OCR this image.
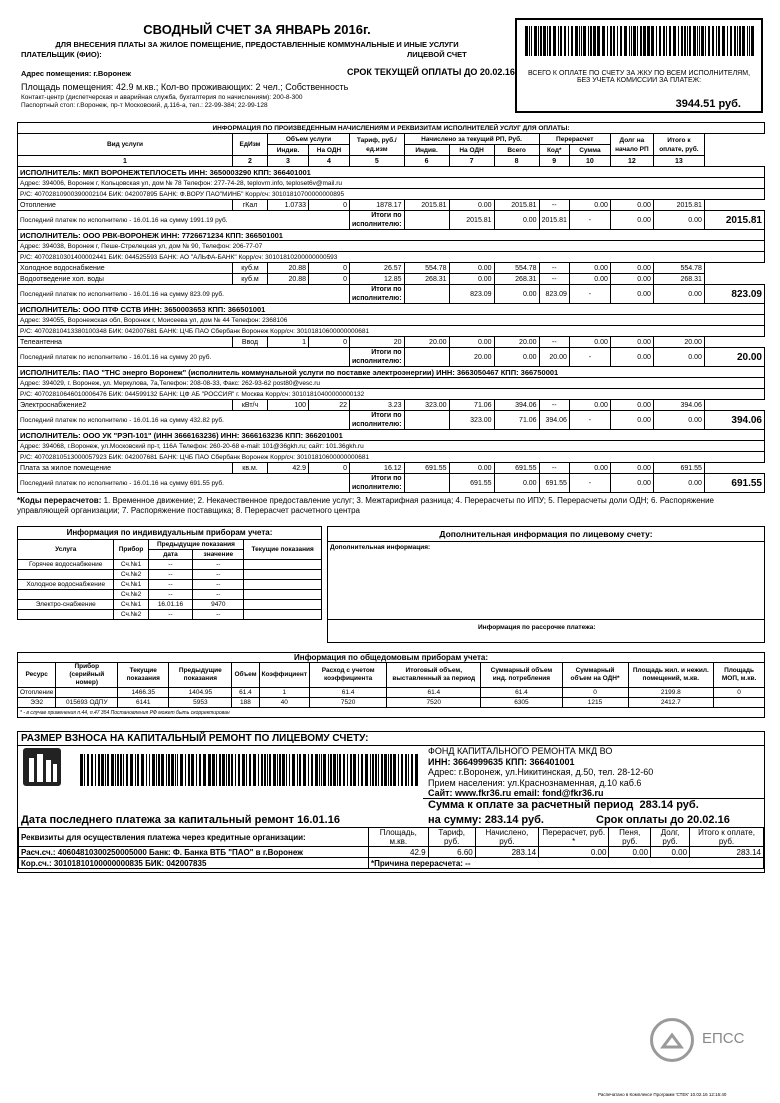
СВОДНЫЙ СЧЕТ ЗА ЯНВАРЬ 2016г.
ДЛЯ ВНЕСЕНИЯ ПЛАТЫ ЗА ЖИЛОЕ ПОМЕЩЕНИЕ, ПРЕДОСТАВЛЕННЫЕ КОММУНАЛЬНЫЕ И ИНЫЕ УСЛУГИ
ПЛАТЕЛЬЩИК (ФИО):	ЛИЦЕВОЙ СЧЕТ
Адрес помещения: г.Воронеж	СРОК ТЕКУЩЕЙ ОПЛАТЫ ДО 20.02.16
Площадь помещения: 42.9 м.кв.; Кол-во проживающих: 2 чел.; Собственность
Контакт-центр (диспетчерская и аварийная служба, бухгалтерия по начислениям): 200-8-300
Паспортный стол: г.Воронеж, пр-т Московский, д.116-а, тел.: 22-99-384; 22-99-128
ВСЕГО К ОПЛАТЕ ПО СЧЕТУ ЗА ЖКУ ПО ВСЕМ ИСПОЛНИТЕЛЯМ, БЕЗ УЧЕТА КОМИССИИ ЗА ПЛАТЕЖ:
3944.51 руб.
ИНФОРМАЦИЯ ПО ПРОИЗВЕДЕННЫМ НАЧИСЛЕНИЯМ И РЕКВИЗИТАМ ИСПОЛНИТЕЛЕЙ УСЛУГ ДЛЯ ОПЛАТЫ:												
Вид услуги	ЕдИзм	Объем услуги		Тариф, руб./ ед.изм	Начислено за текущий РП, Руб.			Перерасчет		Долг на начало РП	Итого к оплате, руб.	
		Индив.	На ОДН		Индив.	На ОДН	Всего	Код*	Сумма			
1	2	3	4	5	6	7	8	9	10	12	13	
ИСПОЛНИТЕЛЬ: МКП ВОРОНЕЖТЕПЛОСЕТЬ ИНН: 3650003290 КПП: 366401001												
Адрес: 394006, Воронеж г, Кольцовская ул, дом № 78 Телефон: 277-74-28, teplovrn.info, teploset6v@mail.ru												
Р/С: 40702810900390002104 БИК: 042007895 БАНК: Ф.ВОРУ ПАО"МИНБ" Корр/сч: 30101810700000000895												
Отопление	гКал	1.0733	0	1878.17	2015.81	0.00	2015.81	--	0.00	0.00	2015.81	
Последний платеж по исполнителю - 16.01.16 на сумму 1991.19 руб.				Итоги по исполнителю:		2015.81	0.00	2015.81	-	0.00	0.00	2015.81
ИСПОЛНИТЕЛЬ: ООО РВК-ВОРОНЕЖ ИНН: 7726671234 КПП: 366501001												
Адрес: 394038, Воронеж г, Пеше-Стрелецкая ул, дом № 90, Телефон: 206-77-07												
Р/С: 40702810301400002441 БИК: 044525593 БАНК: АО "АЛЬФА-БАНК" Корр/сч: 30101810200000000593												
Холодное водоснабжение	куб.м	20.88	0	26.57	554.78	0.00	554.78	--	0.00	0.00	554.78	
Водоотведение хол. воды	куб.м	20.88	0	12.85	268.31	0.00	268.31	--	0.00	0.00	268.31	
Последний платеж по исполнителю - 16.01.16 на сумму 823.09 руб.				Итоги по исполнителю:		823.09	0.00	823.09	-	0.00	0.00	823.09
ИСПОЛНИТЕЛЬ: ООО ПТФ ССТВ ИНН: 3650003653 КПП: 366501001												
Адрес: 394055, Воронежская обл, Воронеж г, Моисеева ул, дом № 44 Телефон: 2368106												
Р/С: 40702810413380100348 БИК: 042007681 БАНК: ЦЧБ ПАО Сбербанк Воронеж Корр/сч: 30101810600000000681												
Телеантенна	Ввод	1	0	20	20.00	0.00	20.00	--	0.00	0.00	20.00	
Последний платеж по исполнителю - 16.01.16 на сумму 20 руб.				Итоги по исполнителю:		20.00	0.00	20.00	-	0.00	0.00	20.00
ИСПОЛНИТЕЛЬ: ПАО "ТНС энерго Воронеж" (исполнитель коммунальной услуги по поставке электроэнергии) ИНН: 3663050467 КПП: 366750001												
Адрес: 394029, г. Воронеж, ул. Меркулова, 7а,Телефон: 208-08-33, Факс: 262-93-62 post80@vesc.ru												
Р/С: 40702810646010006476 БИК: 044599132 БАНК: ЦФ АБ "РОССИЯ" г. Москва Корр/сч: 30101810400000000132												
Электроснабжение2	кВт/ч	100	22	3.23	323.00	71.06	394.06	--	0.00	0.00	394.06	
Последний платеж по исполнителю - 16.01.16 на сумму 432.82 руб.				Итоги по исполнителю:		323.00	71.06	394.06	-	0.00	0.00	394.06
ИСПОЛНИТЕЛЬ: ООО УК "РЭП-101" (ИНН 3666163236) ИНН: 3666163236 КПП: 366201001												
Адрес: 394068, г.Воронеж, ул.Московский пр-т, 116А Телефон: 260-20-68 e-mail: 101@36gkh.ru; сайт: 101.36gkh.ru												
Р/С: 40702810513000057923 БИК: 042007681 БАНК: ЦЧБ ПАО Сбербанк Воронеж Корр/сч: 30101810600000000681												
Плата за жилое помещение	кв.м.	42.9	0	16.12	691.55	0.00	691.55	--	0.00	0.00	691.55	
Последний платеж по исполнителю - 16.01.16 на сумму 691.55 руб.				Итоги по исполнителю:		691.55	0.00	691.55	-	0.00	0.00	691.55
*Коды перерасчетов: 1. Временное движение; 2. Некачественное предоставление услуг; 3. Межтарифная разница; 4. Перерасчеты по ИПУ; 5. Перерасчеты доли ОДН; 6. Распоряжение управляющей организации; 7. Распоряжение поставщика; 8. Перерасчет расчетного центра
Информация по индивидуальным приборам учета:				
Услуга	Прибор	Предыдущие показания		Текущие показания
		дата	значение	
Горячее водоснабжение	Сч.№1	--	--	
	Сч.№2	--	--	
Холодное водоснабжение	Сч.№1	--	--	
	Сч.№2	--	--	
Электро-снабжение	Сч.№1	16.01.16	9470	
	Сч.№2	--	--	
Дополнительная информация по лицевому счету:
Дополнительная информация:
Информация по рассрочке платежа:
Информация по общедомовым приборам учета:											
Ресурс	Прибор (серийный номер)	Текущие показания	Предыдущие показания	Объем	Коэффициент	Расход с учетом коэффициента	Итоговый объем, выставленный за период	Суммарный объем инд. потребления	Суммарный объем на ОДН*	Площадь жил. и нежил. помещений, м.кв.	Площадь МОП, м.кв.
Отопление		1466.35	1404.95	61.4	1	61.4	61.4	61.4	0	2199.8	0
ЭЭ2	015693 ОДПУ	6141	5953	188	40	7520	7520	6305	1215	2412.7	
* - в случае применения п.44, п.47 354 Постановления РФ может быть скорректирован											
РАЗМЕР ВЗНОСА НА КАПИТАЛЬНЫЙ РЕМОНТ ПО ЛИЦЕВОМУ СЧЕТУ:
ФОНД КАПИТАЛЬНОГО РЕМОНТА МКД ВО
ИНН: 3664999635 КПП: 366401001
Адрес: г.Воронеж, ул.Никитинская, д.50, тел. 28-12-60
Прием населения: ул.Краснознаменная, д.10 каб.6
Сайт: www.fkr36.ru email: fond@fkr36.ru
Сумма к оплате за расчетный период 283.14 руб.
Дата последнего платежа за капитальный ремонт 16.01.16	на сумму: 283.14 руб.	Срок оплаты до 20.02.16
Реквизиты для осуществления платежа через кредитные организации:	Площадь, м.кв.	Тариф, руб.	Начислено, руб.	Перерасчет, руб. *	Пеня, руб.	Долг, руб.	Итого к оплате, руб.
Расч.сч.: 40604810300250005000 Банк: Ф. Банка ВТБ "ПАО" в г.Воронеж	42.9	6.60	283.14	0.00	0.00	0.00	283.14
Кор.сч.: 30101810100000000835 БИК: 042007835	*Причина перерасчета: --						
ЕПСС
Распечатано в Комплексе Программ 'СТЕК' 10.02.16 12:16:40
